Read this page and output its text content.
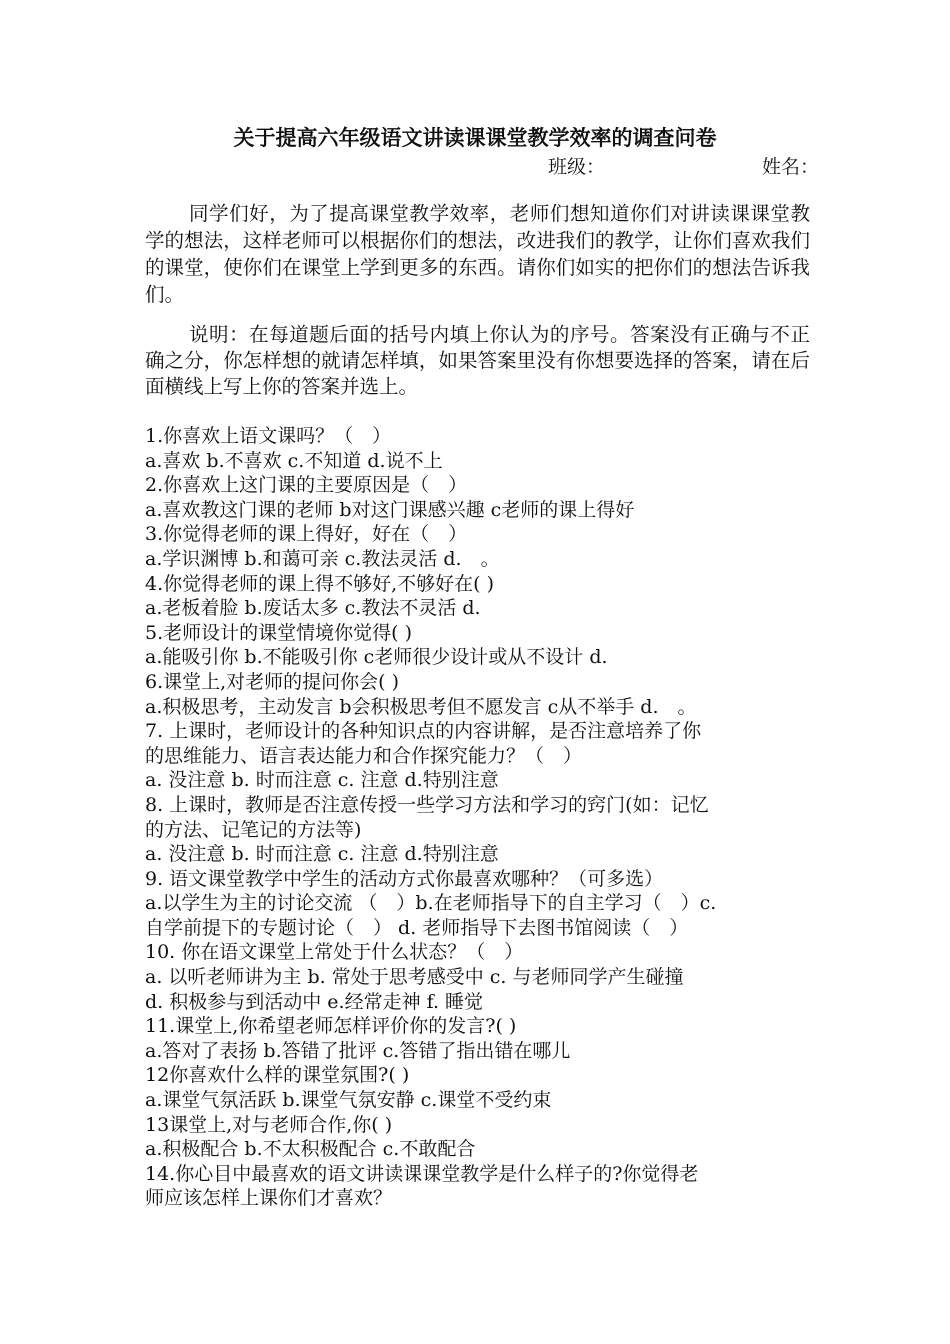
关于提高六年级语文讲读课课堂教学效率的调查问卷
班级：	姓名：
同学们好，为了提高课堂教学效率，老师们想知道你们对讲读课课堂教学的想法，这样老师可以根据你们的想法，改进我们的教学，让你们喜欢我们的课堂，使你们在课堂上学到更多的东西。请你们如实的把你们的想法告诉我们。
说明：在每道题后面的括号内填上你认为的序号。答案没有正确与不正确之分，你怎样想的就请怎样填，如果答案里没有你想要选择的答案，请在后面横线上写上你的答案并选上。
1.你喜欢上语文课吗？（　）
a.喜欢 b.不喜欢 c.不知道 d.说不上
2.你喜欢上这门课的主要原因是（　）
a.喜欢教这门课的老师 b对这门课感兴趣 c老师的课上得好
3.你觉得老师的课上得好，好在（　）
a.学识渊博 b.和蔼可亲 c.教法灵活 d.　。
4.你觉得老师的课上得不够好,不够好在( )
a.老板着脸 b.废话太多 c.教法不灵活 d.
5.老师设计的课堂情境你觉得( )
a.能吸引你 b.不能吸引你 c老师很少设计或从不设计 d.
6.课堂上,对老师的提问你会( )
a.积极思考，主动发言 b会积极思考但不愿发言 c从不举手 d.　。
7. 上课时，老师设计的各种知识点的内容讲解，是否注意培养了你
的思维能力、语言表达能力和合作探究能力？（　）
a. 没注意 b. 时而注意 c. 注意 d.特别注意
8. 上课时，教师是否注意传授一些学习方法和学习的窍门(如：记忆
的方法、记笔记的方法等)
a. 没注意 b. 时而注意 c. 注意 d.特别注意
9. 语文课堂教学中学生的活动方式你最喜欢哪种？（可多选）
a.以学生为主的讨论交流 （　）b.在老师指导下的自主学习（　）c.
自学前提下的专题讨论（　） d. 老师指导下去图书馆阅读（　）
10. 你在语文课堂上常处于什么状态？（　）
a. 以听老师讲为主 b. 常处于思考感受中 c. 与老师同学产生碰撞
d. 积极参与到活动中 e.经常走神 f. 睡觉
11.课堂上,你希望老师怎样评价你的发言?( )
a.答对了表扬 b.答错了批评 c.答错了指出错在哪儿
12你喜欢什么样的课堂氛围?( )
a.课堂气氛活跃 b.课堂气氛安静 c.课堂不受约束
13课堂上,对与老师合作,你( )
a.积极配合 b.不太积极配合 c.不敢配合
14.你心目中最喜欢的语文讲读课课堂教学是什么样子的?你觉得老
师应该怎样上课你们才喜欢？
